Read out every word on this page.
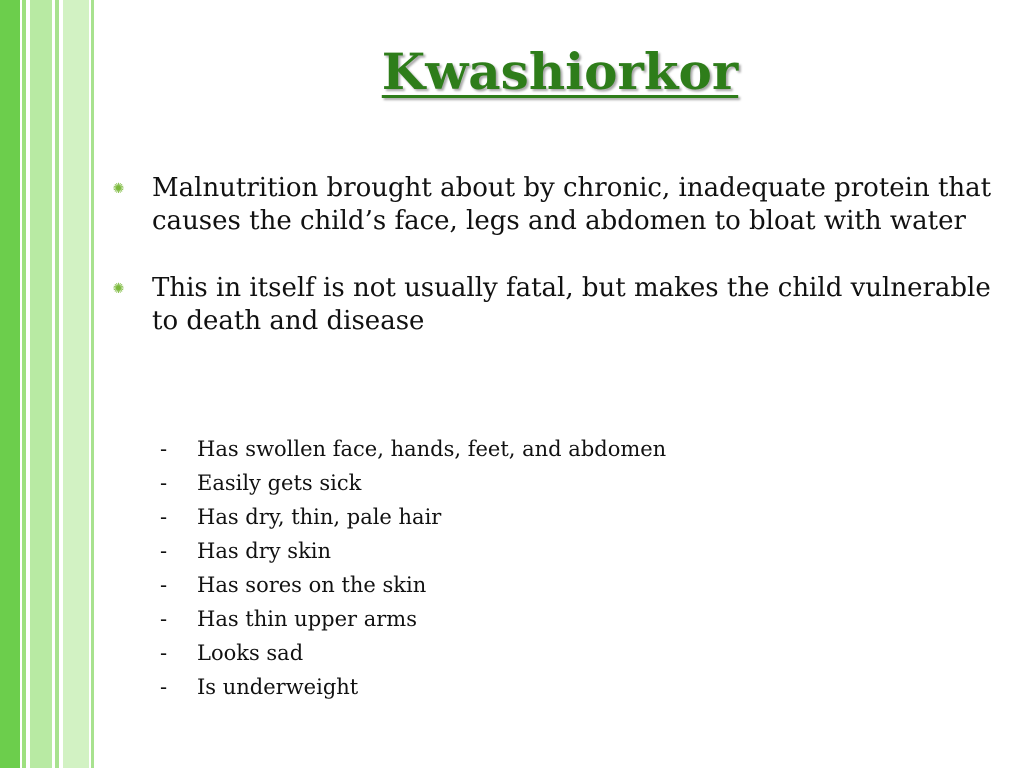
Kwashiorkor
✺ Malnutrition brought about by chronic, inadequate protein that causes the child’s face, legs and abdomen to bloat with water
✺ This in itself is not usually fatal, but makes the child vulnerable to death and disease
- Has swollen face, hands, feet, and abdomen
- Easily gets sick
- Has dry, thin, pale hair
- Has dry skin
- Has sores on the skin
- Has thin upper arms
- Looks sad
- Is underweight
